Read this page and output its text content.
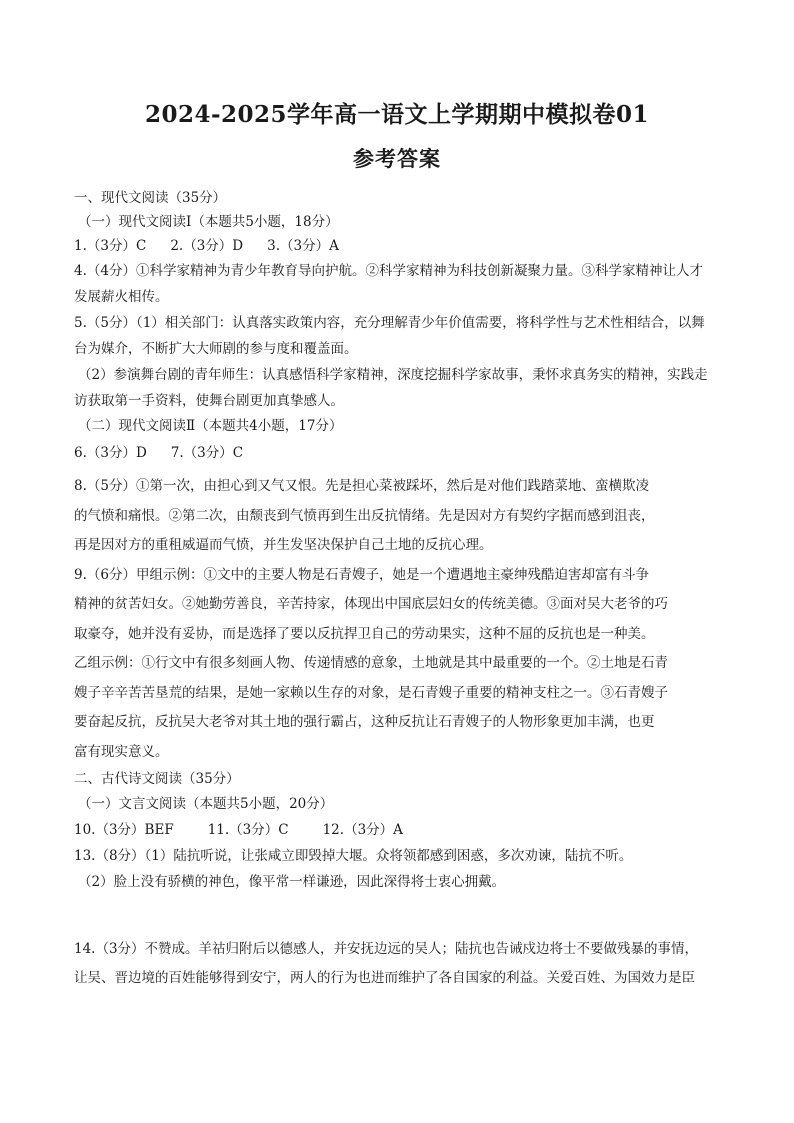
2024-2025学年高一语文上学期期中模拟卷01
参考答案
一、现代文阅读（35分）
（一）现代文阅读Ⅰ（本题共5小题，18分）
1.（3分）C 2.（3分）D 3.（3分）A
4.（4分）①科学家精神为青少年教育导向护航。②科学家精神为科技创新凝聚力量。③科学家精神让人才
发展薪火相传。
5.（5分）（1）相关部门：认真落实政策内容，充分理解青少年价值需要，将科学性与艺术性相结合，以舞
台为媒介，不断扩大大师剧的参与度和覆盖面。
（2）参演舞台剧的青年师生：认真感悟科学家精神，深度挖掘科学家故事，秉怀求真务实的精神，实践走
访获取第一手资料，使舞台剧更加真挚感人。
（二）现代文阅读Ⅱ（本题共4小题，17分）
6.（3分）D 7.（3分）C
8.（5分）①第一次，由担心到又气又恨。先是担心菜被踩坏，然后是对他们践踏菜地、蛮横欺凌
的气愤和痛恨。②第二次，由颓丧到气愤再到生出反抗情绪。先是因对方有契约字据而感到沮丧，
再是因对方的重租威逼而气愤，并生发坚决保护自己土地的反抗心理。
9.（6分）甲组示例：①文中的主要人物是石青嫂子，她是一个遭遇地主豪绅残酷迫害却富有斗争
精神的贫苦妇女。②她勤劳善良，辛苦持家，体现出中国底层妇女的传统美德。③面对吴大老爷的巧
取豪夺，她并没有妥协，而是选择了要以反抗捍卫自己的劳动果实，这种不屈的反抗也是一种美。
乙组示例：①行文中有很多刻画人物、传递情感的意象，土地就是其中最重要的一个。②土地是石青
嫂子辛辛苦苦垦荒的结果，是她一家赖以生存的对象，是石青嫂子重要的精神支柱之一。③石青嫂子
要奋起反抗，反抗吴大老爷对其土地的强行霸占，这种反抗让石青嫂子的人物形象更加丰满，也更
富有现实意义。
二、古代诗文阅读（35分）
（一）文言文阅读（本题共5小题，20分）
10.（3分）BEF	11.（3分）C	12.（3分）A
13.（8分）（1）陆抗听说，让张咸立即毁掉大堰。众将领都感到困惑，多次劝谏，陆抗不听。
（2）脸上没有骄横的神色，像平常一样谦逊，因此深得将士衷心拥戴。
14.（3分）不赞成。羊祜归附后以德感人，并安抚边远的吴人；陆抗也告诫戍边将士不要做残暴的事情，
让吴、晋边境的百姓能够得到安宁，两人的行为也进而维护了各自国家的利益。关爱百姓、为国效力是臣
